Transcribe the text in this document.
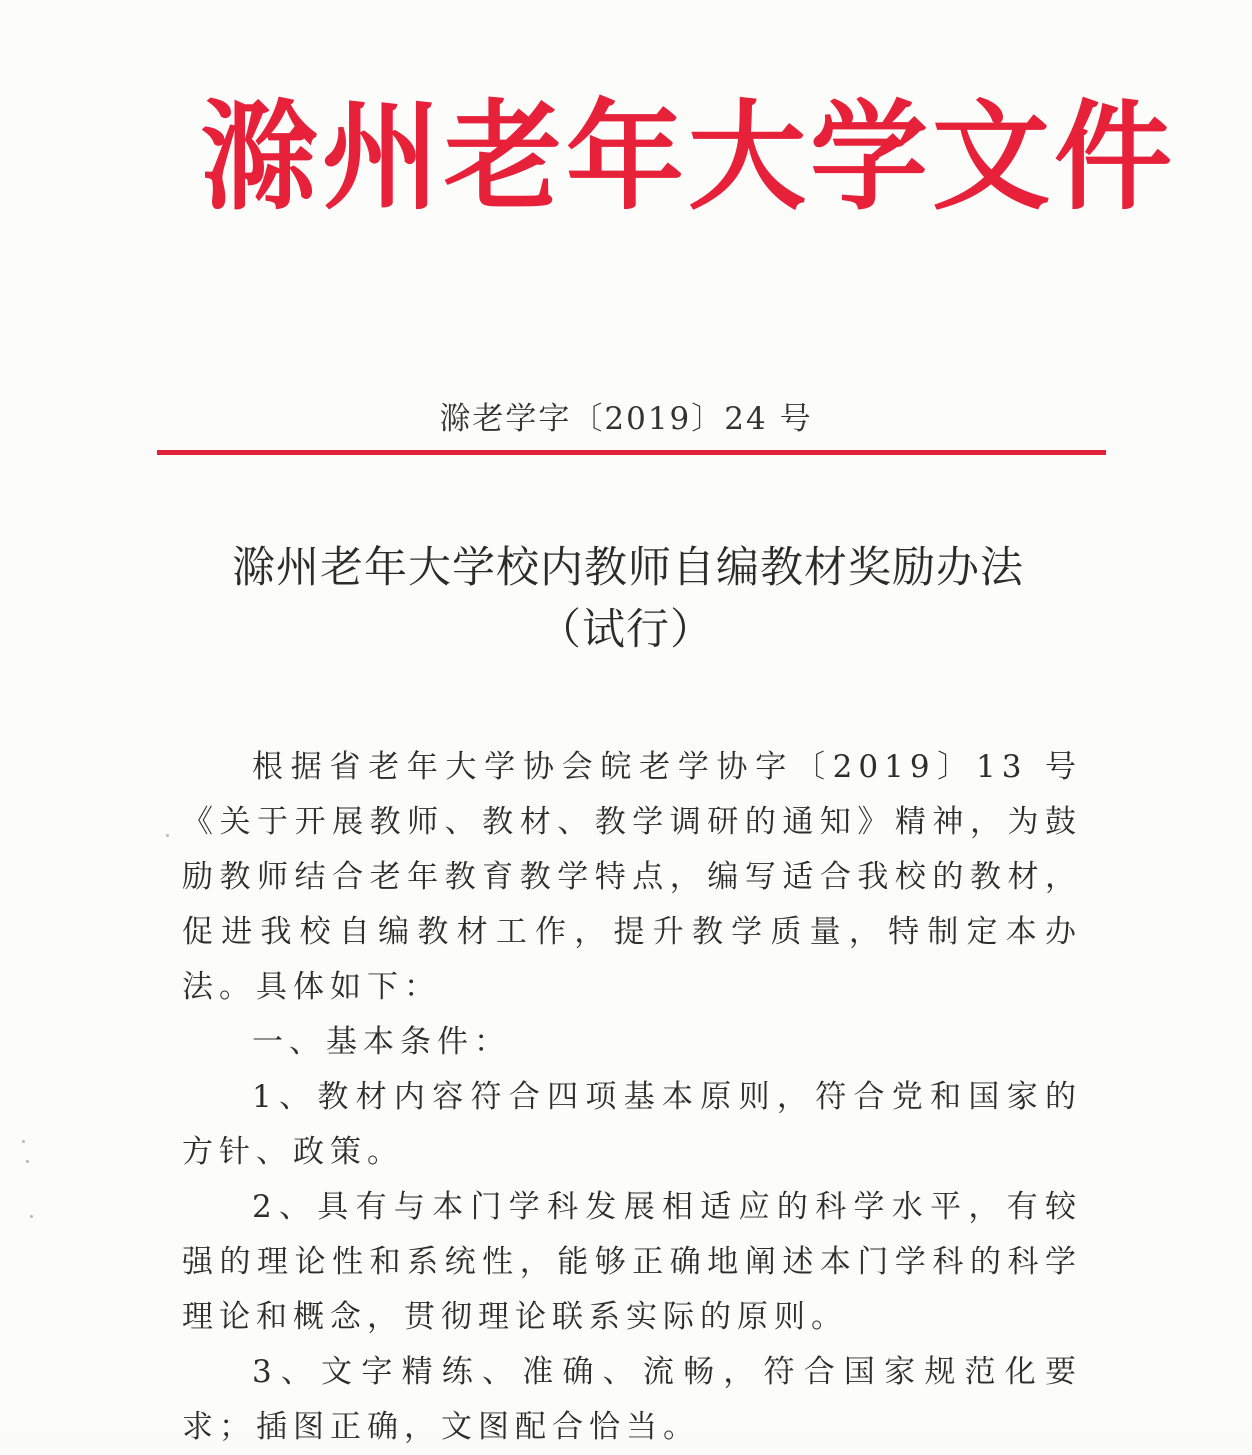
滁州老年大学文件
滁老学字〔2019〕24 号
滁州老年大学校内教师自编教材奖励办法
（试行）

根据省老年大学协会皖老学协字〔2019〕13 号《关于开展教师、教材、教学调研的通知》精神，为鼓励教师结合老年教育教学特点，编写适合我校的教材，促进我校自编教材工作，提升教学质量，特制定本办法。具体如下：

一、基本条件：

1、教材内容符合四项基本原则，符合党和国家的方针、政策。

2、具有与本门学科发展相适应的科学水平，有较强的理论性和系统性，能够正确地阐述本门学科的科学理论和概念，贯彻理论联系实际的原则。

3、文字精练、准确、流畅，符合国家规范化要求；插图正确，文图配合恰当。
